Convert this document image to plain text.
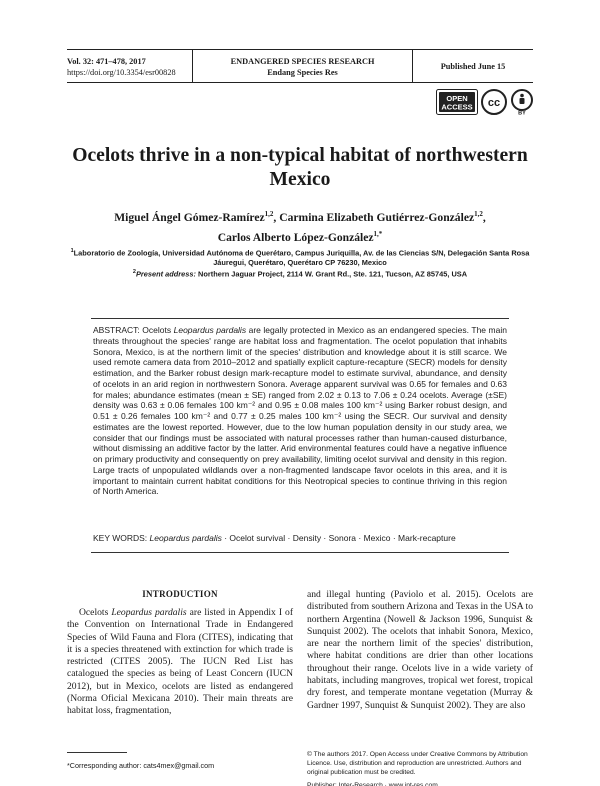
Vol. 32: 471–478, 2017
https://doi.org/10.3354/esr00828
ENDANGERED SPECIES RESEARCH
Endang Species Res
Published June 15
OPEN
ACCESS cc
BY
Ocelots thrive in a non-typical habitat of northwestern Mexico
Miguel Ángel Gómez-Ramírez$^{1,2}$, Carmina Elizabeth Gutiérrez-González$^{1,2}$,
Carlos Alberto López-González$^{1,*}$
$^1$Laboratorio de Zoología, Universidad Autónoma de Querétaro, Campus Juriquilla, Av. de las Ciencias S/N, Delegación Santa Rosa Jáuregui, Querétaro, Querétaro CP 76230, Mexico
$^2$Present address: Northern Jaguar Project, 2114 W. Grant Rd., Ste. 121, Tucson, AZ 85745, USA
ABSTRACT: Ocelots Leopardus pardalis are legally protected in Mexico as an endangered species. The main threats throughout the species' range are habitat loss and fragmentation. The ocelot population that inhabits Sonora, Mexico, is at the northern limit of the species' distribution and knowledge about it is still scarce. We used remote camera data from 2010–2012 and spatially explicit capture-recapture (SECR) models for density estimation, and the Barker robust design mark-recapture model to estimate survival, abundance, and density of ocelots in an arid region in northwestern Sonora. Average apparent survival was 0.65 for females and 0.63 for males; abundance estimates (mean ± SE) ranged from 2.02 ± 0.13 to 7.06 ± 0.24 ocelots. Average (±SE) density was 0.63 ± 0.06 females 100 km⁻² and 0.95 ± 0.08 males 100 km⁻² using Barker robust design, and 0.51 ± 0.26 females 100 km⁻² and 0.77 ± 0.25 males 100 km⁻² using the SECR. Our survival and density estimates are the lowest reported. However, due to the low human population density in our study area, we consider that our findings must be associated with natural processes rather than human-caused disturbance, without dismissing an additive factor by the latter. Arid environmental features could have a negative influence on primary productivity and consequently on prey availability, limiting ocelot survival and density in this region. Large tracts of unpopulated wildlands over a non-fragmented landscape favor ocelots in this area, and it is important to maintain current habitat conditions for this Neotropical species to continue thriving in this region of North America.
KEY WORDS: Leopardus pardalis · Ocelot survival · Density · Sonora · Mexico · Mark-recapture
INTRODUCTION
Ocelots Leopardus pardalis are listed in Appendix I of the Convention on International Trade in Endangered Species of Wild Fauna and Flora (CITES), indicating that it is a species threatened with extinction for which trade is restricted (CITES 2005). The IUCN Red List has catalogued the species as being of Least Concern (IUCN 2012), but in Mexico, ocelots are listed as endangered (Norma Oficial Mexicana 2010). Their main threats are habitat loss, fragmentation,
and illegal hunting (Paviolo et al. 2015). Ocelots are distributed from southern Arizona and Texas in the USA to northern Argentina (Nowell & Jackson 1996, Sunquist & Sunquist 2002). The ocelots that inhabit Sonora, Mexico, are near the northern limit of the species' distribution, where habitat conditions are drier than other locations throughout their range. Ocelots live in a wide variety of habitats, including mangroves, tropical wet forest, tropical dry forest, and temperate montane vegetation (Murray & Gardner 1997, Sunquist & Sunquist 2002). They are also
*Corresponding author: cats4mex@gmail.com
© The authors 2017. Open Access under Creative Commons by Attribution Licence. Use, distribution and reproduction are unrestricted. Authors and original publication must be credited.

Publisher: Inter-Research · www.int-res.com
